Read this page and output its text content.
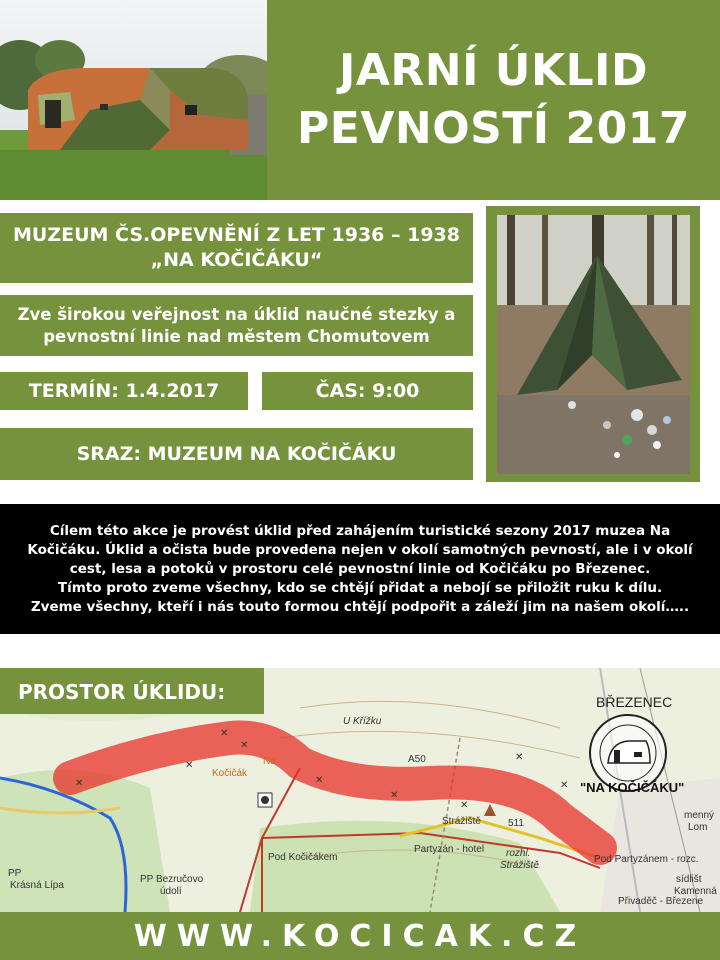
JARNÍ ÚKLID
PEVNOSTÍ 2017
MUZEUM ČS.OPEVNĚNÍ Z LET 1936 – 1938
„NA KOČIČÁKU“
Zve širokou veřejnost na úklid naučné stezky a
pevnostní linie nad městem Chomutovem
TERMÍN: 1.4.2017	ČAS: 9:00
SRAZ: MUZEUM NA KOČIČÁKU

Cílem této akce je provést úklid před zahájením turistické sezony 2017 muzea Na

Kočičáku. Úklid a očista bude provedena nejen v okolí samotných pevností, ale i v okolí

cest, lesa a potoků v prostoru celé pevnostní linie od Kočičáku po Březenec.

Tímto proto zveme všechny, kdo se chtějí přidat a nebojí se přiložit ruku k dílu.

Zveme všechny, kteří i nás touto formou chtějí podpořit a záleží jim na našem okolí…..

✕
✕
✕
✕
✕
✕
✕
✕
✕
U Křížku
Na
Kočičák
A50
Strážiště	511
Partyzán - hotel rozhl.
Strážiště
Pod Kočičákem
PP Bezručovo
údolí
PP
Krásná Lípa
Pod Partyzánem - rozc.
menný
Lom
sídlišt
Kamenná
Přivaděč - Březene
BŘEZENEC
"NA KOČIČÁKU"
PROSTOR ÚKLIDU:
WWW.KOCICAK.CZ
